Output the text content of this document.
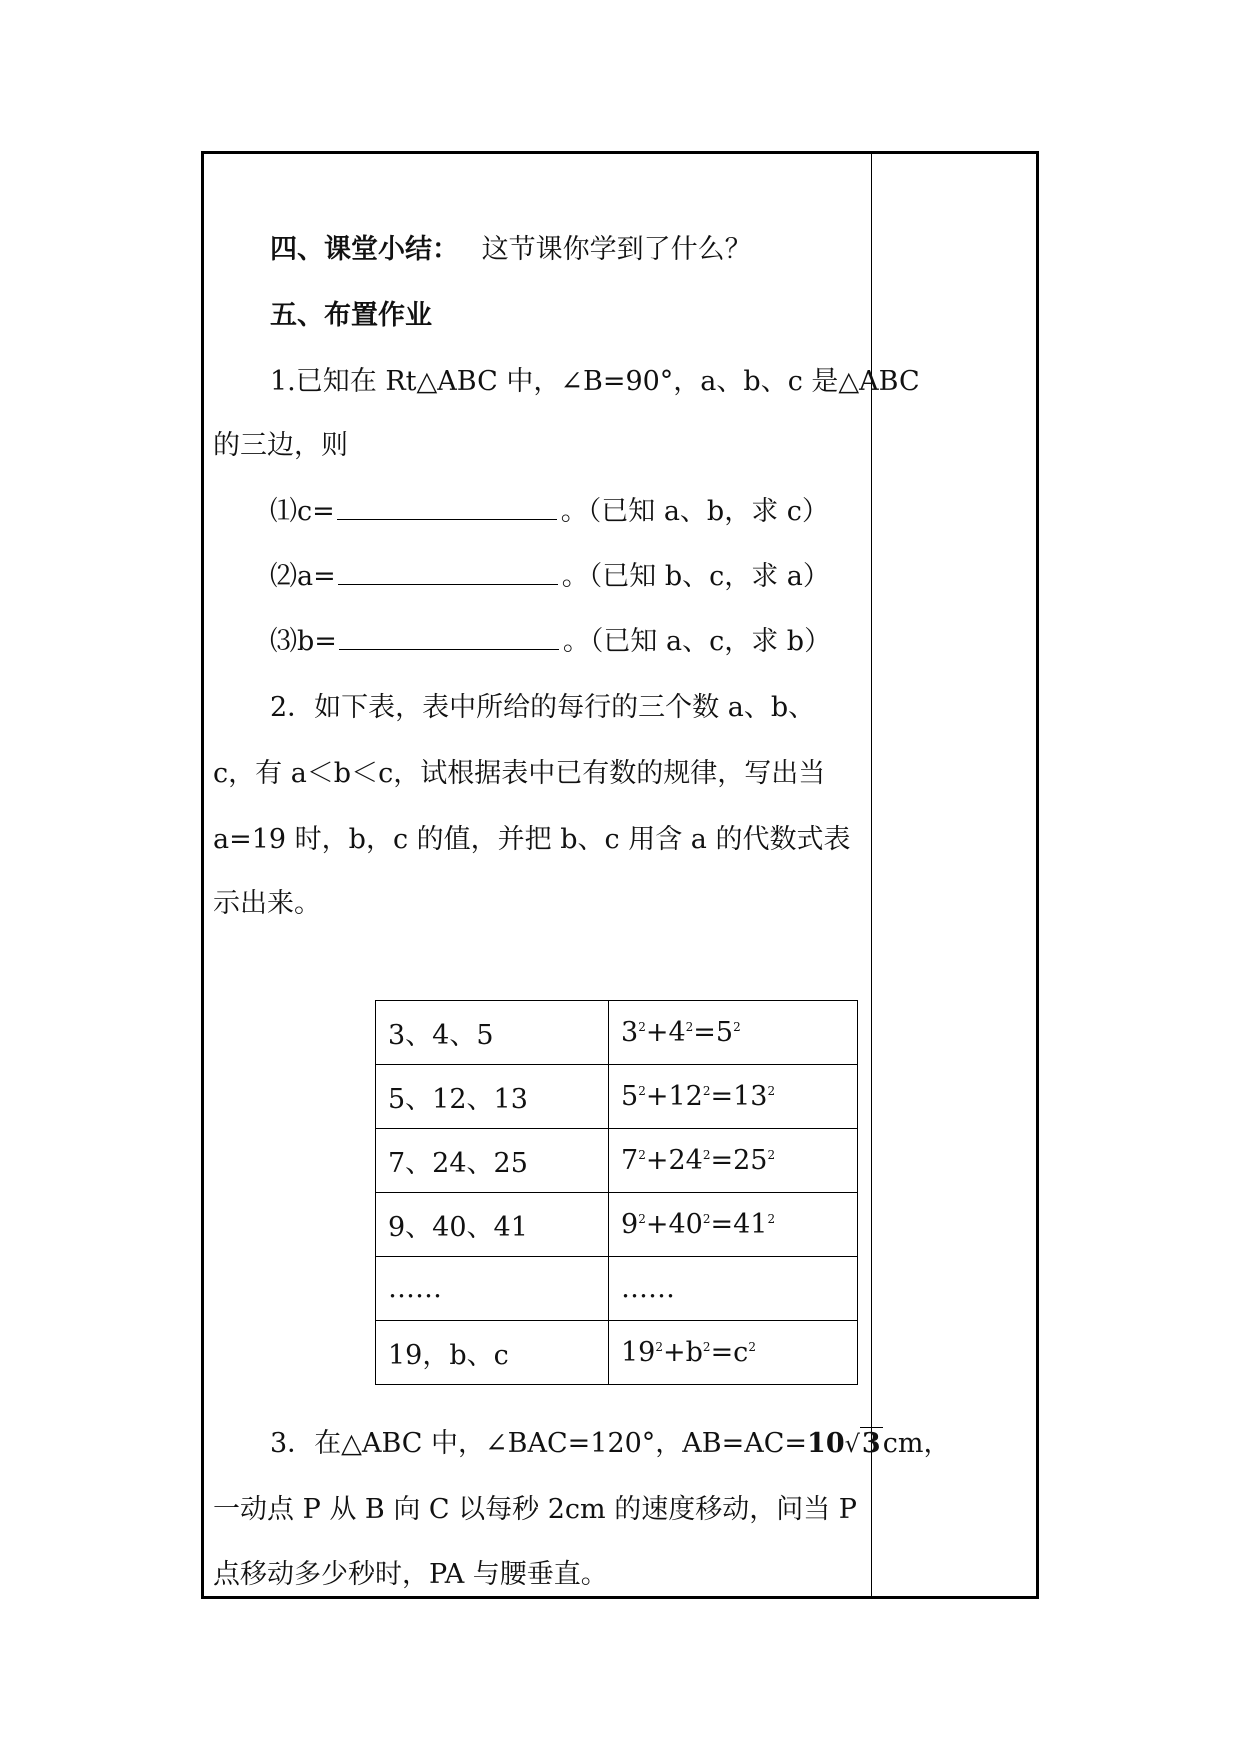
四、课堂小结： 这节课你学到了什么？
五、布置作业
1.已知在 Rt△ABC 中，∠B=90°，a、b、c 是△ABC
的三边，则
⑴c=	。（已知 a、b，求 c）
⑵a=	。（已知 b、c，求 a）
⑶b=	。（已知 a、c，求 b）
2．如下表，表中所给的每行的三个数 a、b、
c，有 a＜b＜c，试根据表中已有数的规律，写出当
a=19 时，b，c 的值，并把 b、c 用含 a 的代数式表
示出来。
3、4、5	$3^2+4^2=5^2$
5、12、13	$5^2+12^2=13^2$
7、24、25	$7^2+24^2=25^2$
9、40、41	$9^2+40^2=41^2$
……	……
19，b、c	$19^2+b^2=c^2$
3．在△ABC 中，∠BAC=120°，AB=AC=10√3cm，
一动点 P 从 B 向 C 以每秒 2cm 的速度移动，问当 P
点移动多少秒时，PA 与腰垂直。
